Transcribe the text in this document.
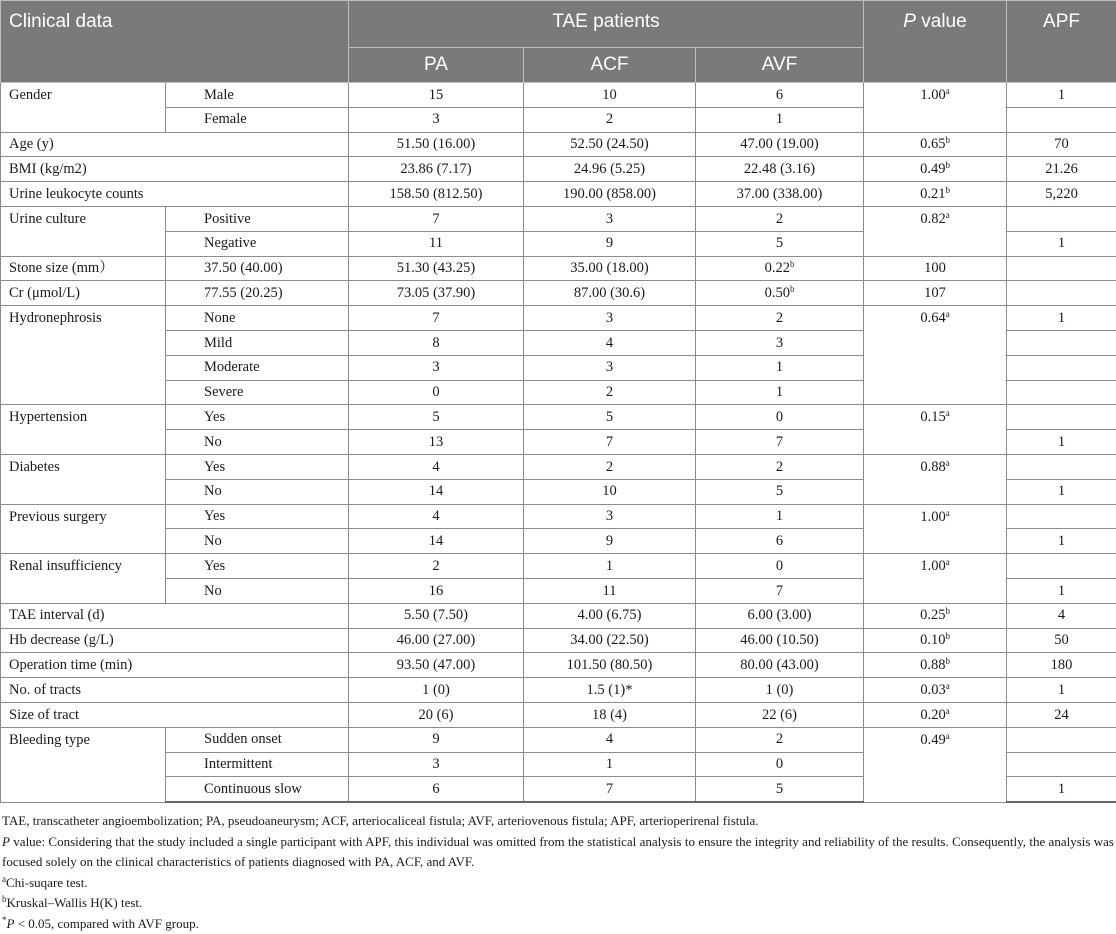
Clinical data		TAE patients			P value	APF
		PA	ACF	AVF		
Gender	Male	15	10	6	1.00$^a$	1
	Female	3	2	1		
Age (y)		51.50 (16.00)	52.50 (24.50)	47.00 (19.00)	0.65$^b$	70
BMI (kg/m2)		23.86 (7.17)	24.96 (5.25)	22.48 (3.16)	0.49$^b$	21.26
Urine leukocyte counts		158.50 (812.50)	190.00 (858.00)	37.00 (338.00)	0.21$^b$	5,220
Urine culture	Positive	7	3	2	0.82$^a$	
	Negative	11	9	5		1
Stone size (mm）	37.50 (40.00)	51.30 (43.25)	35.00 (18.00)	0.22$^b$	100	
Cr (μmol/L)	77.55 (20.25)	73.05 (37.90)	87.00 (30.6)	0.50$^b$	107	
Hydronephrosis	None	7	3	2	0.64$^a$	1
	Mild	8	4	3		
	Moderate	3	3	1		
	Severe	0	2	1		
Hypertension	Yes	5	5	0	0.15$^a$	
	No	13	7	7		1
Diabetes	Yes	4	2	2	0.88$^a$	
	No	14	10	5		1
Previous surgery	Yes	4	3	1	1.00$^a$	
	No	14	9	6		1
Renal insufficiency	Yes	2	1	0	1.00$^a$	
	No	16	11	7		1
TAE interval (d)		5.50 (7.50)	4.00 (6.75)	6.00 (3.00)	0.25$^b$	4
Hb decrease (g/L)		46.00 (27.00)	34.00 (22.50)	46.00 (10.50)	0.10$^b$	50
Operation time (min)		93.50 (47.00)	101.50 (80.50)	80.00 (43.00)	0.88$^b$	180
No. of tracts		1 (0)	1.5 (1)*	1 (0)	0.03$^a$	1
Size of tract		20 (6)	18 (4)	22 (6)	0.20$^a$	24
Bleeding type	Sudden onset	9	4	2	0.49$^a$	
	Intermittent	3	1	0		
	Continuous slow	6	7	5		1

TAE, transcatheter angioembolization; PA, pseudoaneurysm; ACF, arteriocaliceal fistula; AVF, arteriovenous fistula; APF, arterioperirenal fistula.

P value: Considering that the study included a single participant with APF, this individual was omitted from the statistical analysis to ensure the integrity and reliability of the results. Consequently, the analysis was focused solely on the clinical characteristics of patients diagnosed with PA, ACF, and AVF.

$^a$Chi-suqare test.

$^b$Kruskal–Wallis H(K) test.

*P < 0.05, compared with AVF group.
